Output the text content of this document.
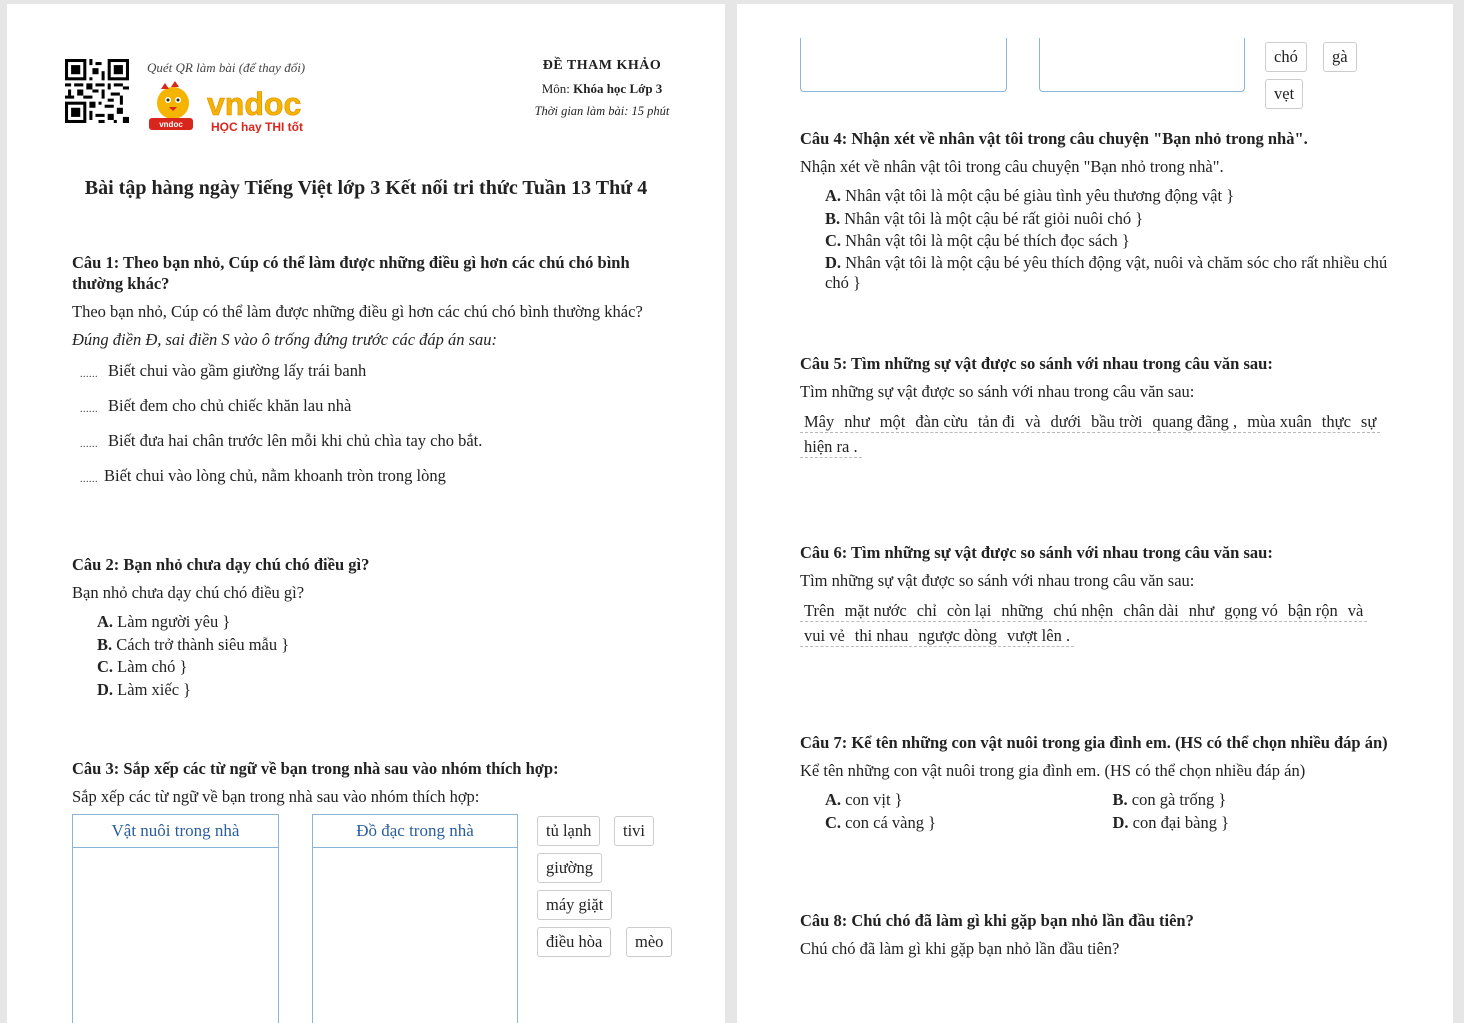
Quét QR làm bài (để thay đổi)
vndoc
vndoc
HỌC hay THI tốt
ĐỀ THAM KHẢO
Môn: Khóa học Lớp 3
Thời gian làm bài: 15 phút
Bài tập hàng ngày Tiếng Việt lớp 3 Kết nối tri thức Tuần 13 Thứ 4
Câu 1: Theo bạn nhỏ, Cúp có thể làm được những điều gì hơn các chú chó bình thường khác?
Theo bạn nhỏ, Cúp có thể làm được những điều gì hơn các chú chó bình thường khác?
Đúng điền Đ, sai điền S vào ô trống đứng trước các đáp án sau:
...... Biết chui vào gầm giường lấy trái banh
...... Biết đem cho chủ chiếc khăn lau nhà
...... Biết đưa hai chân trước lên mỗi khi chủ chìa tay cho bắt.
...... Biết chui vào lòng chủ, nằm khoanh tròn trong lòng
Câu 2: Bạn nhỏ chưa dạy chú chó điều gì?
Bạn nhỏ chưa dạy chú chó điều gì?
A. Làm người yêu }
B. Cách trở thành siêu mẫu }
C. Làm chó }
D. Làm xiếc }
Câu 3: Sắp xếp các từ ngữ về bạn trong nhà sau vào nhóm thích hợp:
Sắp xếp các từ ngữ về bạn trong nhà sau vào nhóm thích hợp:
Vật nuôi trong nhà	Đồ đạc trong nhà	tủ lạnh	tivi
giường
máy giặt
điều hòa	mèo
chó	gà
vẹt
Câu 4: Nhận xét về nhân vật tôi trong câu chuyện "Bạn nhỏ trong nhà".
Nhận xét về nhân vật tôi trong câu chuyện "Bạn nhỏ trong nhà".
A. Nhân vật tôi là một cậu bé giàu tình yêu thương động vật }
B. Nhân vật tôi là một cậu bé rất giỏi nuôi chó }
C. Nhân vật tôi là một cậu bé thích đọc sách }
D. Nhân vật tôi là một cậu bé yêu thích động vật, nuôi và chăm sóc cho rất nhiều chú chó }
Câu 5: Tìm những sự vật được so sánh với nhau trong câu văn sau:
Tìm những sự vật được so sánh với nhau trong câu văn sau:
Mây như một đàn cừu tản đi và dưới bầu trời quang đãng , mùa xuân thực sự
hiện ra .
Câu 6: Tìm những sự vật được so sánh với nhau trong câu văn sau:
Tìm những sự vật được so sánh với nhau trong câu văn sau:
Trên mặt nước chỉ còn lại những chú nhện chân dài như gọng vó bận rộn và
vui vẻ thi nhau ngược dòng vượt lên .
Câu 7: Kể tên những con vật nuôi trong gia đình em. (HS có thể chọn nhiều đáp án)
Kể tên những con vật nuôi trong gia đình em. (HS có thể chọn nhiều đáp án)
A. con vịt }
C. con cá vàng }
B. con gà trống }
D. con đại bàng }
Câu 8: Chú chó đã làm gì khi gặp bạn nhỏ lần đầu tiên?
Chú chó đã làm gì khi gặp bạn nhỏ lần đầu tiên?
